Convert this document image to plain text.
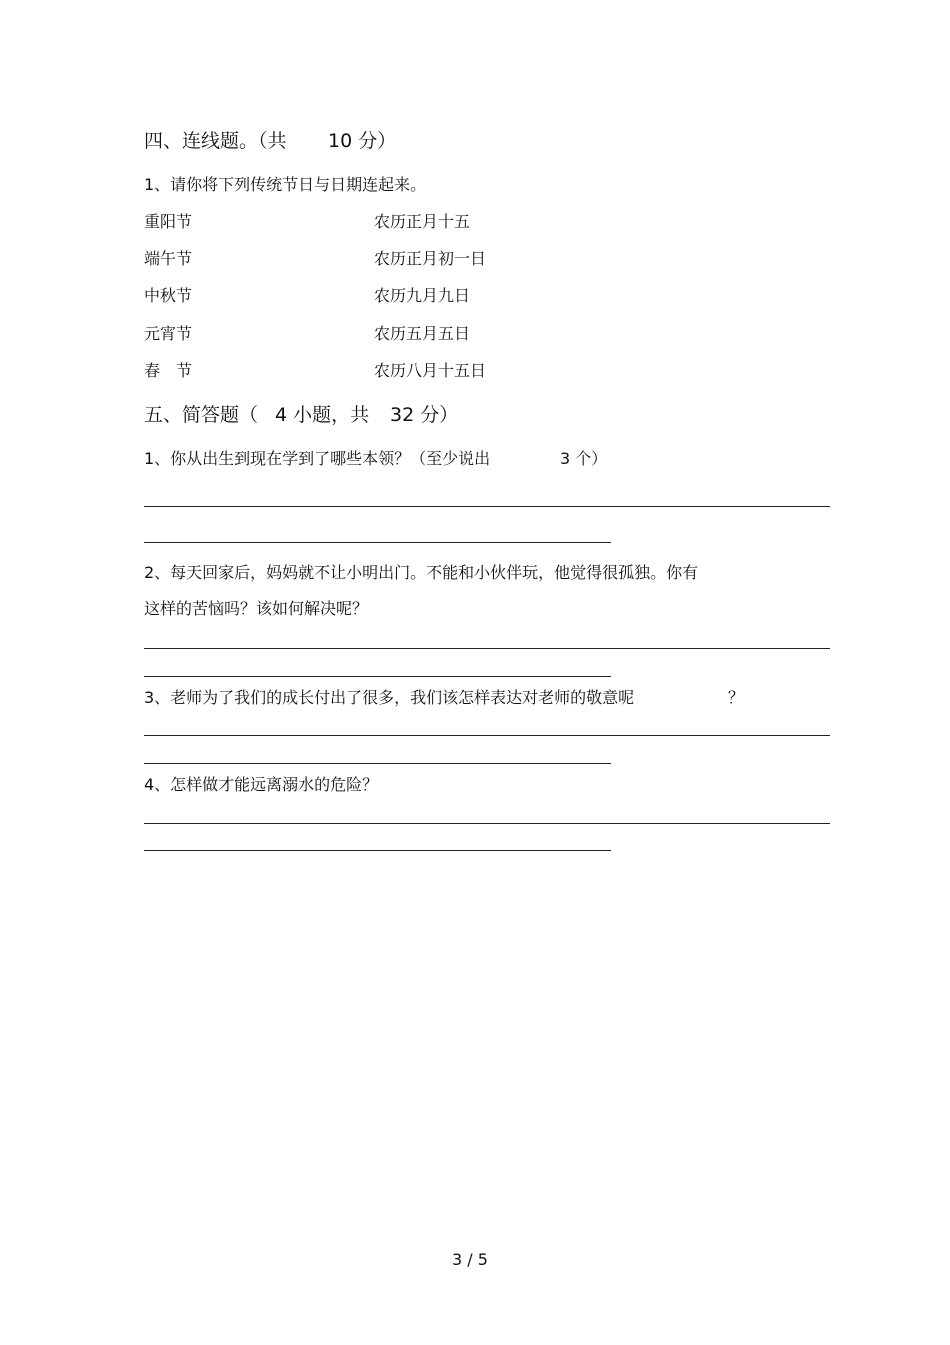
四、连线题。（共 10 分）
1、请你将下列传统节日与日期连起来。
重阳节	农历正月十五
端午节	农历正月初一日
中秋节	农历九月九日
元宵节	农历五月五日
春　节	农历八月十五日
五、简答题（ 4 小题，共 32 分）
1、你从出生到现在学到了哪些本领？（至少说出	3 个）
2、每天回家后，妈妈就不让小明出门。不能和小伙伴玩，他觉得很孤独。你有
这样的苦恼吗？该如何解决呢？
3、老师为了我们的成长付出了很多，我们该怎样表达对老师的敬意呢	？
4、怎样做才能远离溺水的危险？
3 / 5
